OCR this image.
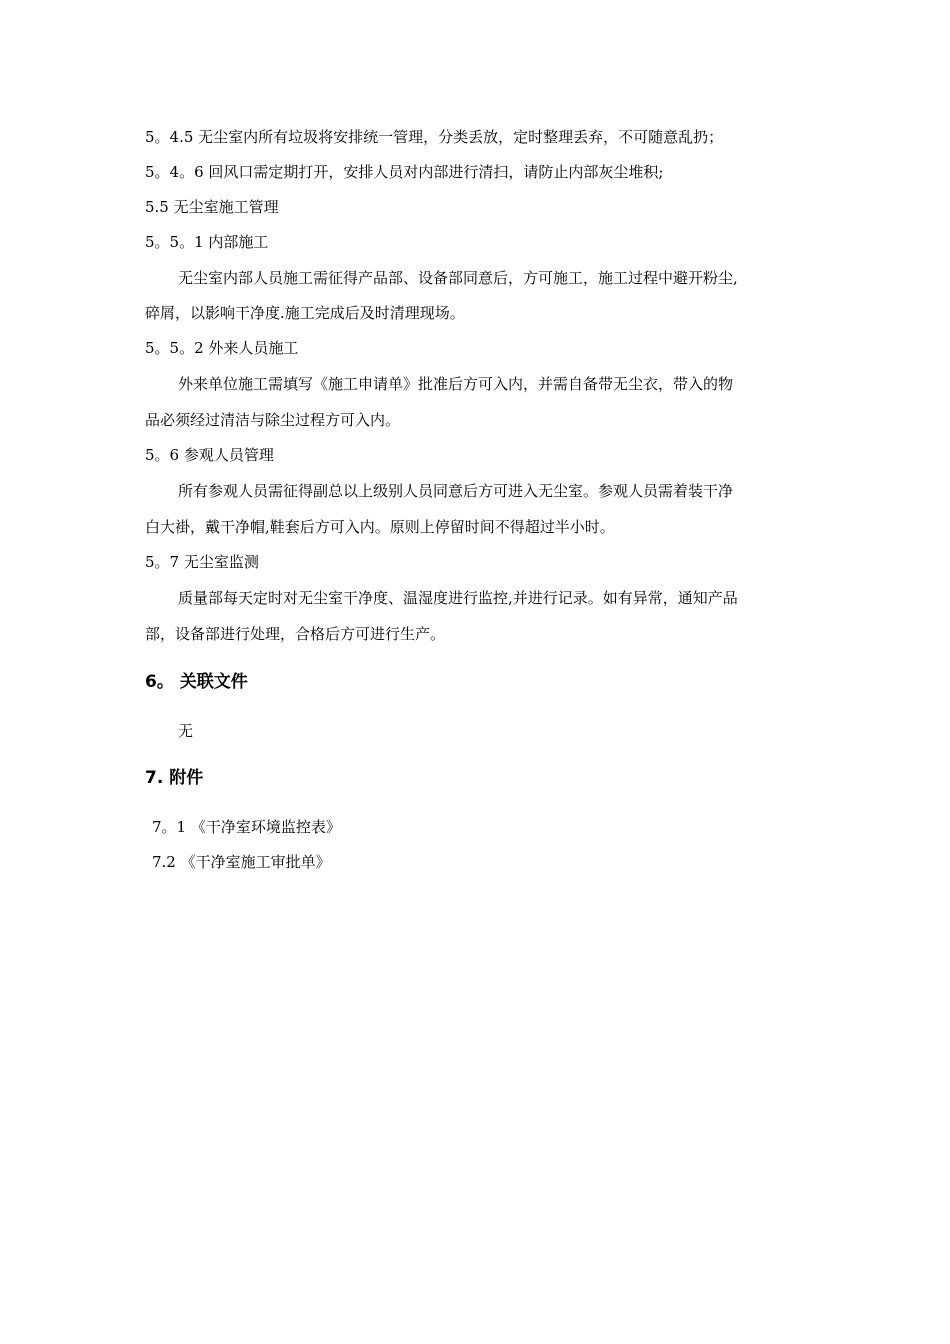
5。4.5 无尘室内所有垃圾将安排统一管理，分类丢放，定时整理丢弃，不可随意乱扔；
5。4。6 回风口需定期打开，安排人员对内部进行清扫，请防止内部灰尘堆积;
5.5 无尘室施工管理
5。5。1 内部施工
无尘室内部人员施工需征得产品部、设备部同意后，方可施工，施工过程中避开粉尘,
碎屑，以影响干净度.施工完成后及时清理现场。
5。5。2 外来人员施工
外来单位施工需填写《施工申请单》批准后方可入内，并需自备带无尘衣，带入的物
品必须经过清洁与除尘过程方可入内。
5。6 参观人员管理
所有参观人员需征得副总以上级别人员同意后方可进入无尘室。参观人员需着装干净
白大褂，戴干净帽,鞋套后方可入内。原则上停留时间不得超过半小时。
5。7 无尘室监测
质量部每天定时对无尘室干净度、温湿度进行监控,并进行记录。如有异常，通知产品
部，设备部进行处理，合格后方可进行生产。
6。 关联文件
无
7. 附件
7。1 《干净室环境监控表》
7.2 《干净室施工审批单》
